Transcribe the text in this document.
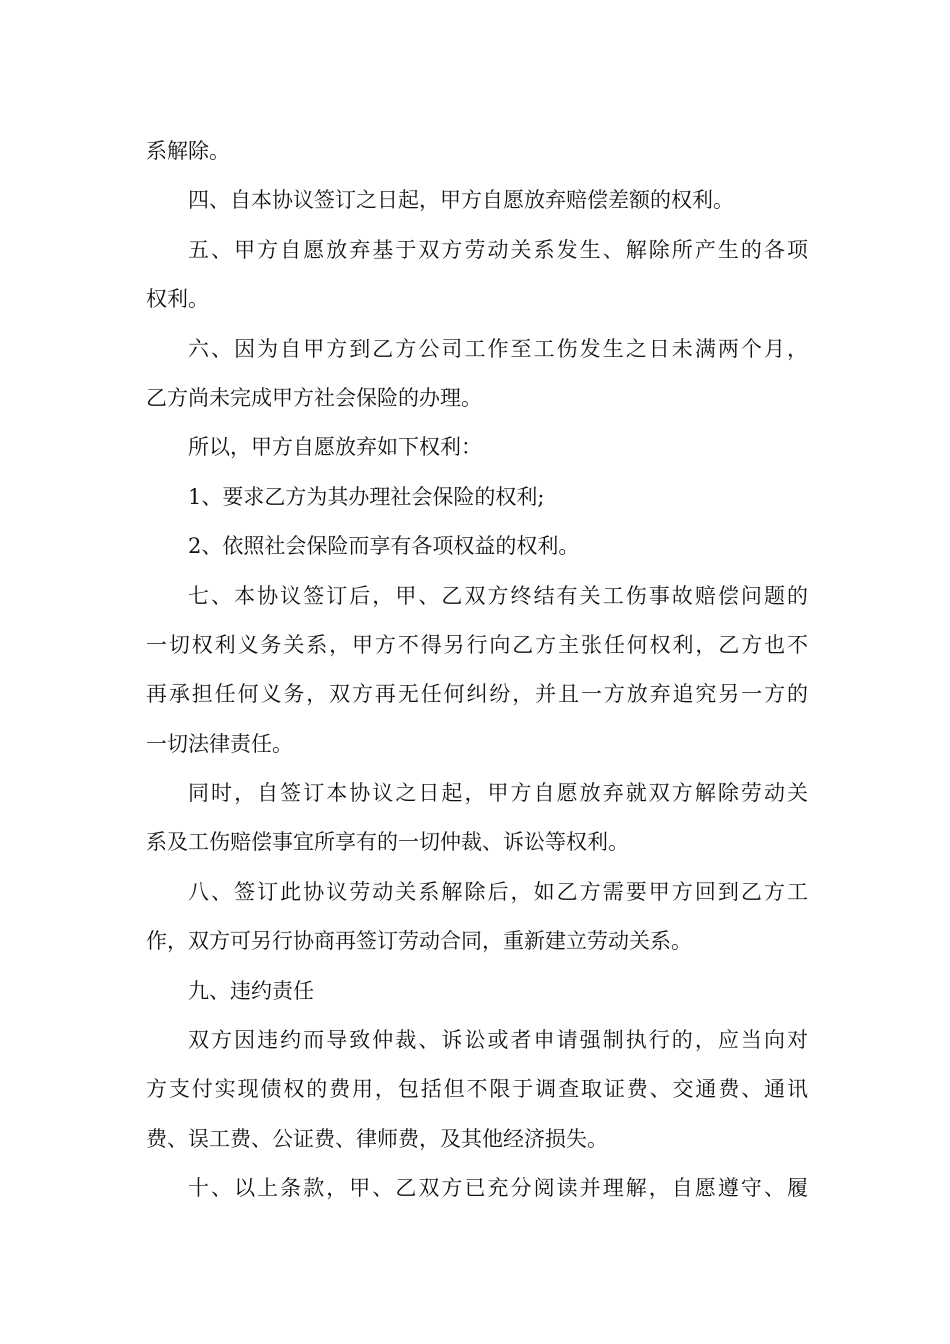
系解除。
四、自本协议签订之日起，甲方自愿放弃赔偿差额的权利。
五、甲方自愿放弃基于双方劳动关系发生、解除所产生的各项
权利。
六、因为自甲方到乙方公司工作至工伤发生之日未满两个月，
乙方尚未完成甲方社会保险的办理。
所以，甲方自愿放弃如下权利：
1、要求乙方为其办理社会保险的权利;
2、依照社会保险而享有各项权益的权利。
七、本协议签订后，甲、乙双方终结有关工伤事故赔偿问题的
一切权利义务关系，甲方不得另行向乙方主张任何权利，乙方也不
再承担任何义务，双方再无任何纠纷，并且一方放弃追究另一方的
一切法律责任。
同时，自签订本协议之日起，甲方自愿放弃就双方解除劳动关
系及工伤赔偿事宜所享有的一切仲裁、诉讼等权利。
八、签订此协议劳动关系解除后，如乙方需要甲方回到乙方工
作，双方可另行协商再签订劳动合同，重新建立劳动关系。
九、违约责任
双方因违约而导致仲裁、诉讼或者申请强制执行的，应当向对
方支付实现债权的费用，包括但不限于调查取证费、交通费、通讯
费、误工费、公证费、律师费，及其他经济损失。
十、以上条款，甲、乙双方已充分阅读并理解，自愿遵守、履
